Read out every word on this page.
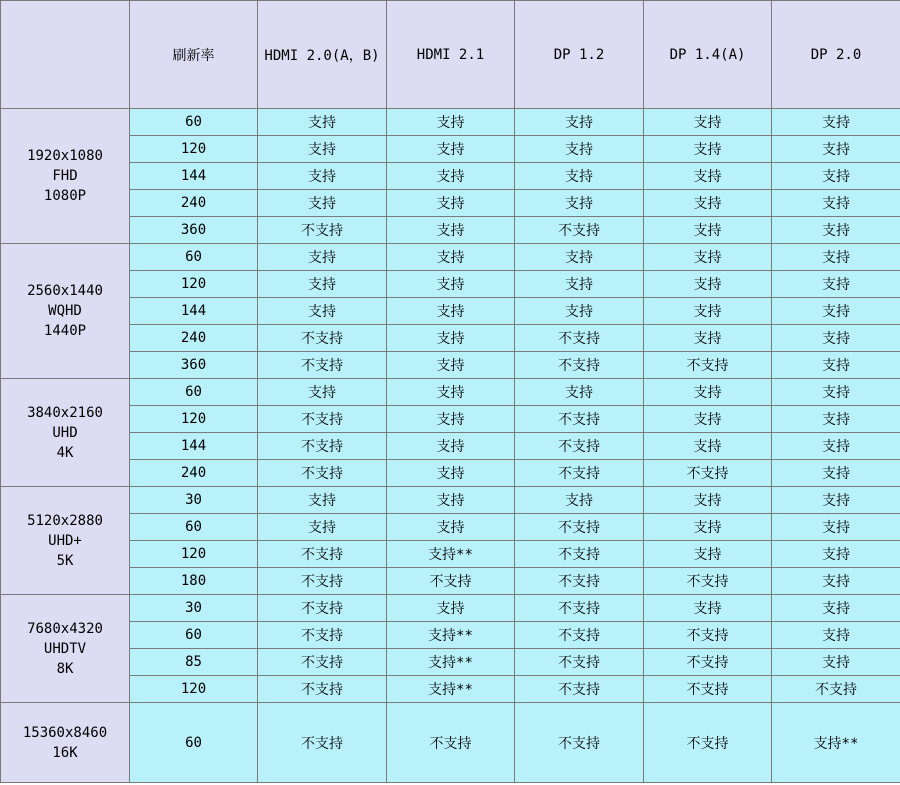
	刷新率	HDMI 2.0(A，B)	HDMI 2.1	DP 1.2	DP 1.4(A)	DP 2.0

1920x1080
FHD
1080P	60	支持	支持	支持	支持	支持
	120	支持	支持	支持	支持	支持
	144	支持	支持	支持	支持	支持
	240	支持	支持	支持	支持	支持
	360	不支持	支持	不支持	支持	支持

2560x1440
WQHD
1440P	60	支持	支持	支持	支持	支持
	120	支持	支持	支持	支持	支持
	144	支持	支持	支持	支持	支持
	240	不支持	支持	不支持	支持	支持
	360	不支持	支持	不支持	不支持	支持

3840x2160
UHD
4K	60	支持	支持	支持	支持	支持
	120	不支持	支持	不支持	支持	支持
	144	不支持	支持	不支持	支持	支持
	240	不支持	支持	不支持	不支持	支持

5120x2880
UHD+
5K	30	支持	支持	支持	支持	支持
	60	支持	支持	不支持	支持	支持
	120	不支持	支持**	不支持	支持	支持
	180	不支持	不支持	不支持	不支持	支持

7680x4320
UHDTV
8K	30	不支持	支持	不支持	支持	支持
	60	不支持	支持**	不支持	不支持	支持
	85	不支持	支持**	不支持	不支持	支持
	120	不支持	支持**	不支持	不支持	不支持

15360x8460
16K	60	不支持	不支持	不支持	不支持	支持**
